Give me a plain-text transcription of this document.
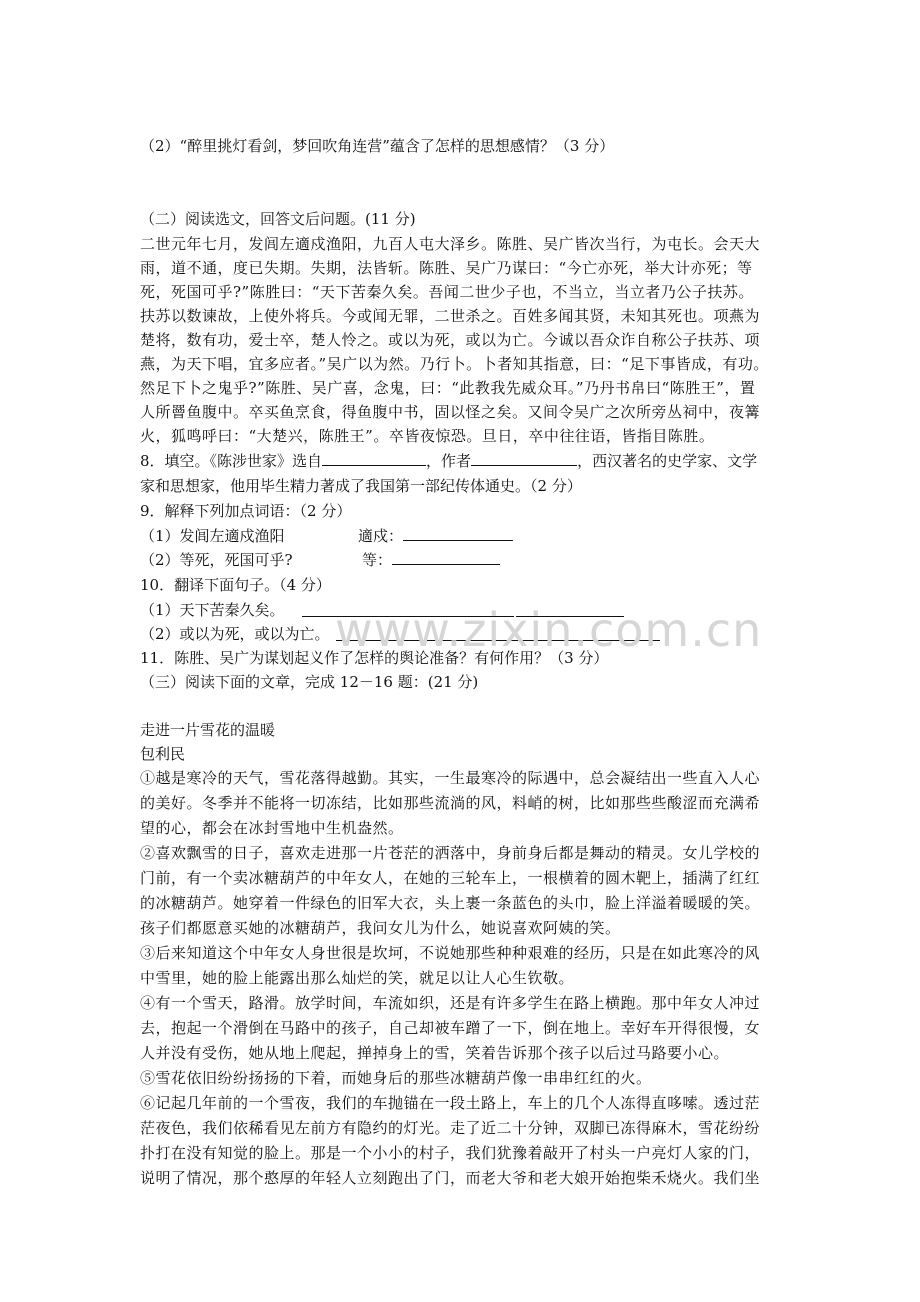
（2）“醉里挑灯看剑，梦回吹角连营”蕴含了怎样的思想感情？（3 分）
（二）阅读选文，回答文后问题。(11 分)
二世元年七月，发闾左適戍渔阳，九百人屯大泽乡。陈胜、吴广皆次当行，为屯长。会天大
雨，道不通，度已失期。失期，法皆斩。陈胜、吴广乃谋曰：“今亡亦死，举大计亦死；等
死，死国可乎?”陈胜曰：“天下苦秦久矣。吾闻二世少子也，不当立，当立者乃公子扶苏。
扶苏以数谏故，上使外将兵。今或闻无罪，二世杀之。百姓多闻其贤，未知其死也。项燕为
楚将，数有功，爱士卒，楚人怜之。或以为死，或以为亡。今诚以吾众诈自称公子扶苏、项
燕，为天下唱，宜多应者。”吴广以为然。乃行卜。卜者知其指意，曰：“足下事皆成，有功。
然足下卜之鬼乎?”陈胜、吴广喜，念鬼，曰：“此教我先威众耳。”乃丹书帛曰“陈胜王”，置
人所罾鱼腹中。卒买鱼烹食，得鱼腹中书，固以怪之矣。又间令吴广之次所旁丛祠中，夜篝
火，狐鸣呼曰：“大楚兴，陈胜王”。卒皆夜惊恐。旦日，卒中往往语，皆指目陈胜。
8．填空。《陈涉世家》选自	，作者	，西汉著名的史学家、文学
家和思想家，他用毕生精力著成了我国第一部纪传体通史。（2 分）
9．解释下列加点词语：（2 分）
（1）发闾左適戍渔阳	適戍：
（2）等死，死国可乎?	等：
10．翻译下面句子。（4 分）
（1）天下苦秦久矣。
（2）或以为死，或以为亡。
11．陈胜、吴广为谋划起义作了怎样的舆论准备？有何作用？（3 分）
（三）阅读下面的文章，完成 12－16 题：(21 分)
走进一片雪花的温暖
包利民
①越是寒冷的天气，雪花落得越勤。其实，一生最寒冷的际遇中，总会凝结出一些直入人心
的美好。冬季并不能将一切冻结，比如那些流淌的风，料峭的树，比如那些些酸涩而充满希
望的心，都会在冰封雪地中生机盎然。
②喜欢飘雪的日子，喜欢走进那一片苍茫的洒落中，身前身后都是舞动的精灵。女儿学校的
门前，有一个卖冰糖葫芦的中年女人，在她的三轮车上，一根横着的圆木靶上，插满了红红
的冰糖葫芦。她穿着一件绿色的旧军大衣，头上裹一条蓝色的头巾，脸上洋溢着暖暖的笑。
孩子们都愿意买她的冰糖葫芦，我问女儿为什么，她说喜欢阿姨的笑。
③后来知道这个中年女人身世很是坎坷，不说她那些种种艰难的经历，只是在如此寒冷的风
中雪里，她的脸上能露出那么灿烂的笑，就足以让人心生钦敬。
④有一个雪天，路滑。放学时间，车流如织，还是有许多学生在路上横跑。那中年女人冲过
去，抱起一个滑倒在马路中的孩子，自己却被车蹭了一下，倒在地上。幸好车开得很慢，女
人并没有受伤，她从地上爬起，掸掉身上的雪，笑着告诉那个孩子以后过马路要小心。
⑤雪花依旧纷纷扬扬的下着，而她身后的那些冰糖葫芦像一串串红红的火。
⑥记起几年前的一个雪夜，我们的车抛锚在一段土路上，车上的几个人冻得直哆嗦。透过茫
茫夜色，我们依稀看见左前方有隐约的灯光。走了近二十分钟，双脚已冻得麻木，雪花纷纷
扑打在没有知觉的脸上。那是一个小小的村子，我们犹豫着敲开了村头一户亮灯人家的门，
说明了情况，那个憨厚的年轻人立刻跑出了门，而老大爷和老大娘开始抱柴禾烧火。我们坐
www.zixin.com.cn
